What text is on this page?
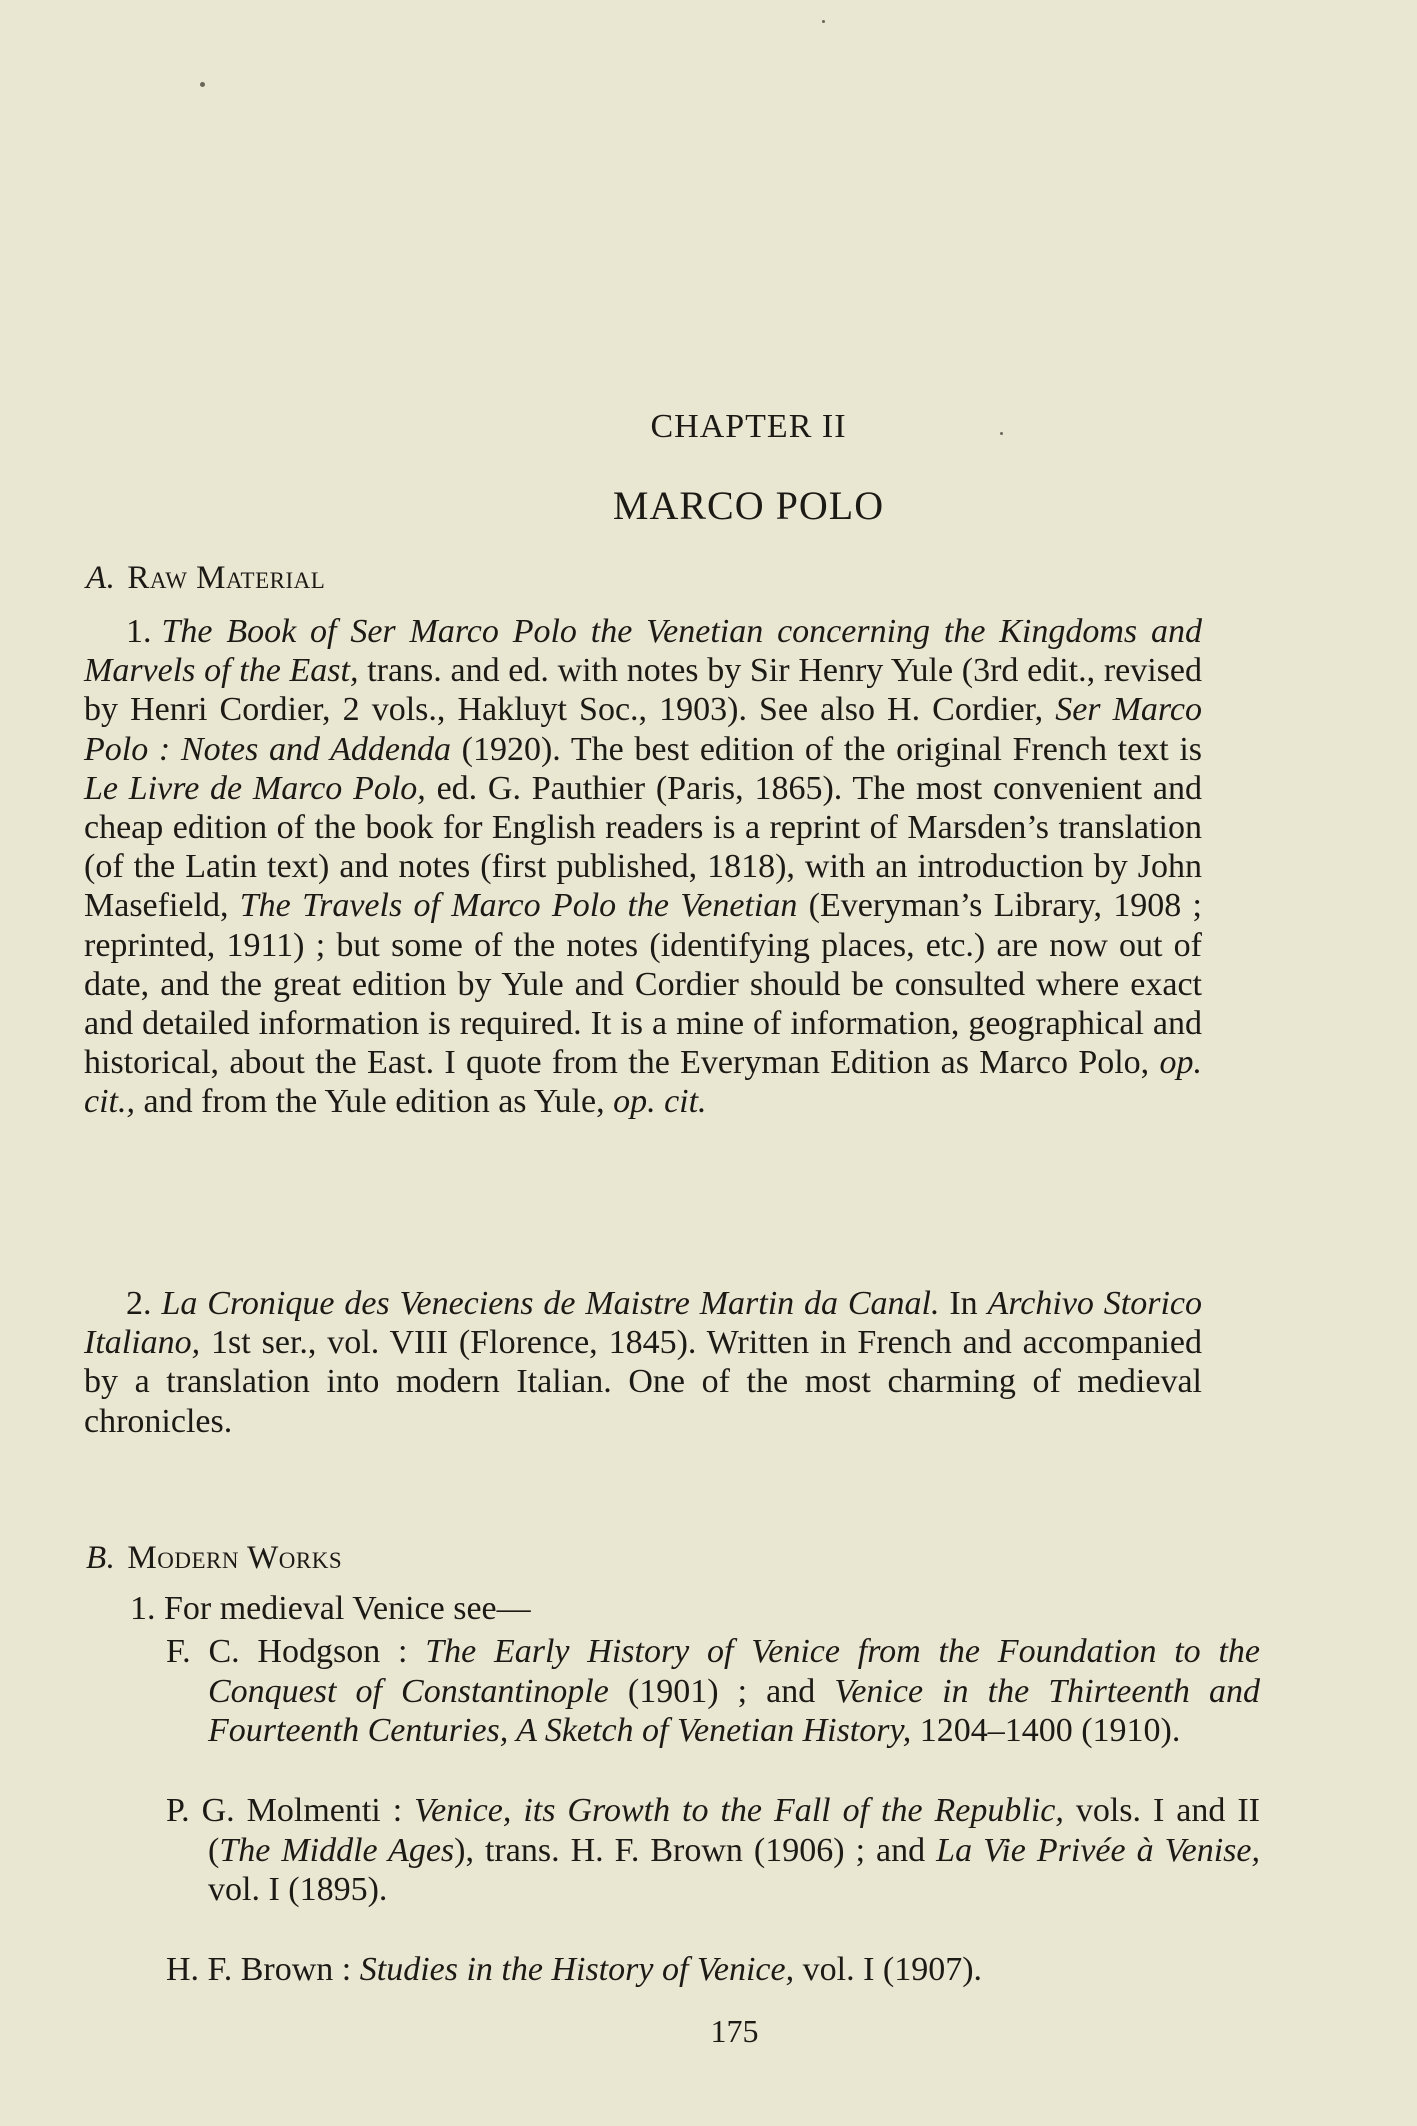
CHAPTER II
MARCO POLO
A. Raw Material

1. The Book of Ser Marco Polo the Venetian concerning the Kingdoms and Marvels of the East, trans. and ed. with notes by Sir Henry Yule (3rd edit., revised by Henri Cordier, 2 vols., Hakluyt Soc., 1903). See also H. Cordier, Ser Marco Polo : Notes and Addenda (1920). The best edition of the original French text is Le Livre de Marco Polo, ed. G. Pauthier (Paris, 1865). The most convenient and cheap edition of the book for English readers is a reprint of Marsden’s translation (of the Latin text) and notes (first published, 1818), with an introduction by John Masefield, The Travels of Marco Polo the Venetian (Everyman’s Library, 1908 ; reprinted, 1911) ; but some of the notes (identifying places, etc.) are now out of date, and the great edition by Yule and Cordier should be consulted where exact and detailed information is required. It is a mine of information, geographical and historical, about the East. I quote from the Everyman Edition as Marco Polo, op. cit., and from the Yule edition as Yule, op. cit.

2. La Cronique des Veneciens de Maistre Martin da Canal. In Archivo Storico Italiano, 1st ser., vol. VIII (Florence, 1845). Written in French and accompanied by a translation into modern Italian. One of the most charming of medieval chronicles.

B. Modern Works
1. For medieval Venice see—

F. C. Hodgson : The Early History of Venice from the Foundation to the Conquest of Constantinople (1901) ; and Venice in the Thirteenth and Fourteenth Centuries, A Sketch of Venetian History, 1204–1400 (1910).

P. G. Molmenti : Venice, its Growth to the Fall of the Republic, vols. I and II (The Middle Ages), trans. H. F. Brown (1906) ; and La Vie Privée à Venise, vol. I (1895).

H. F. Brown : Studies in the History of Venice, vol. I (1907).

175
